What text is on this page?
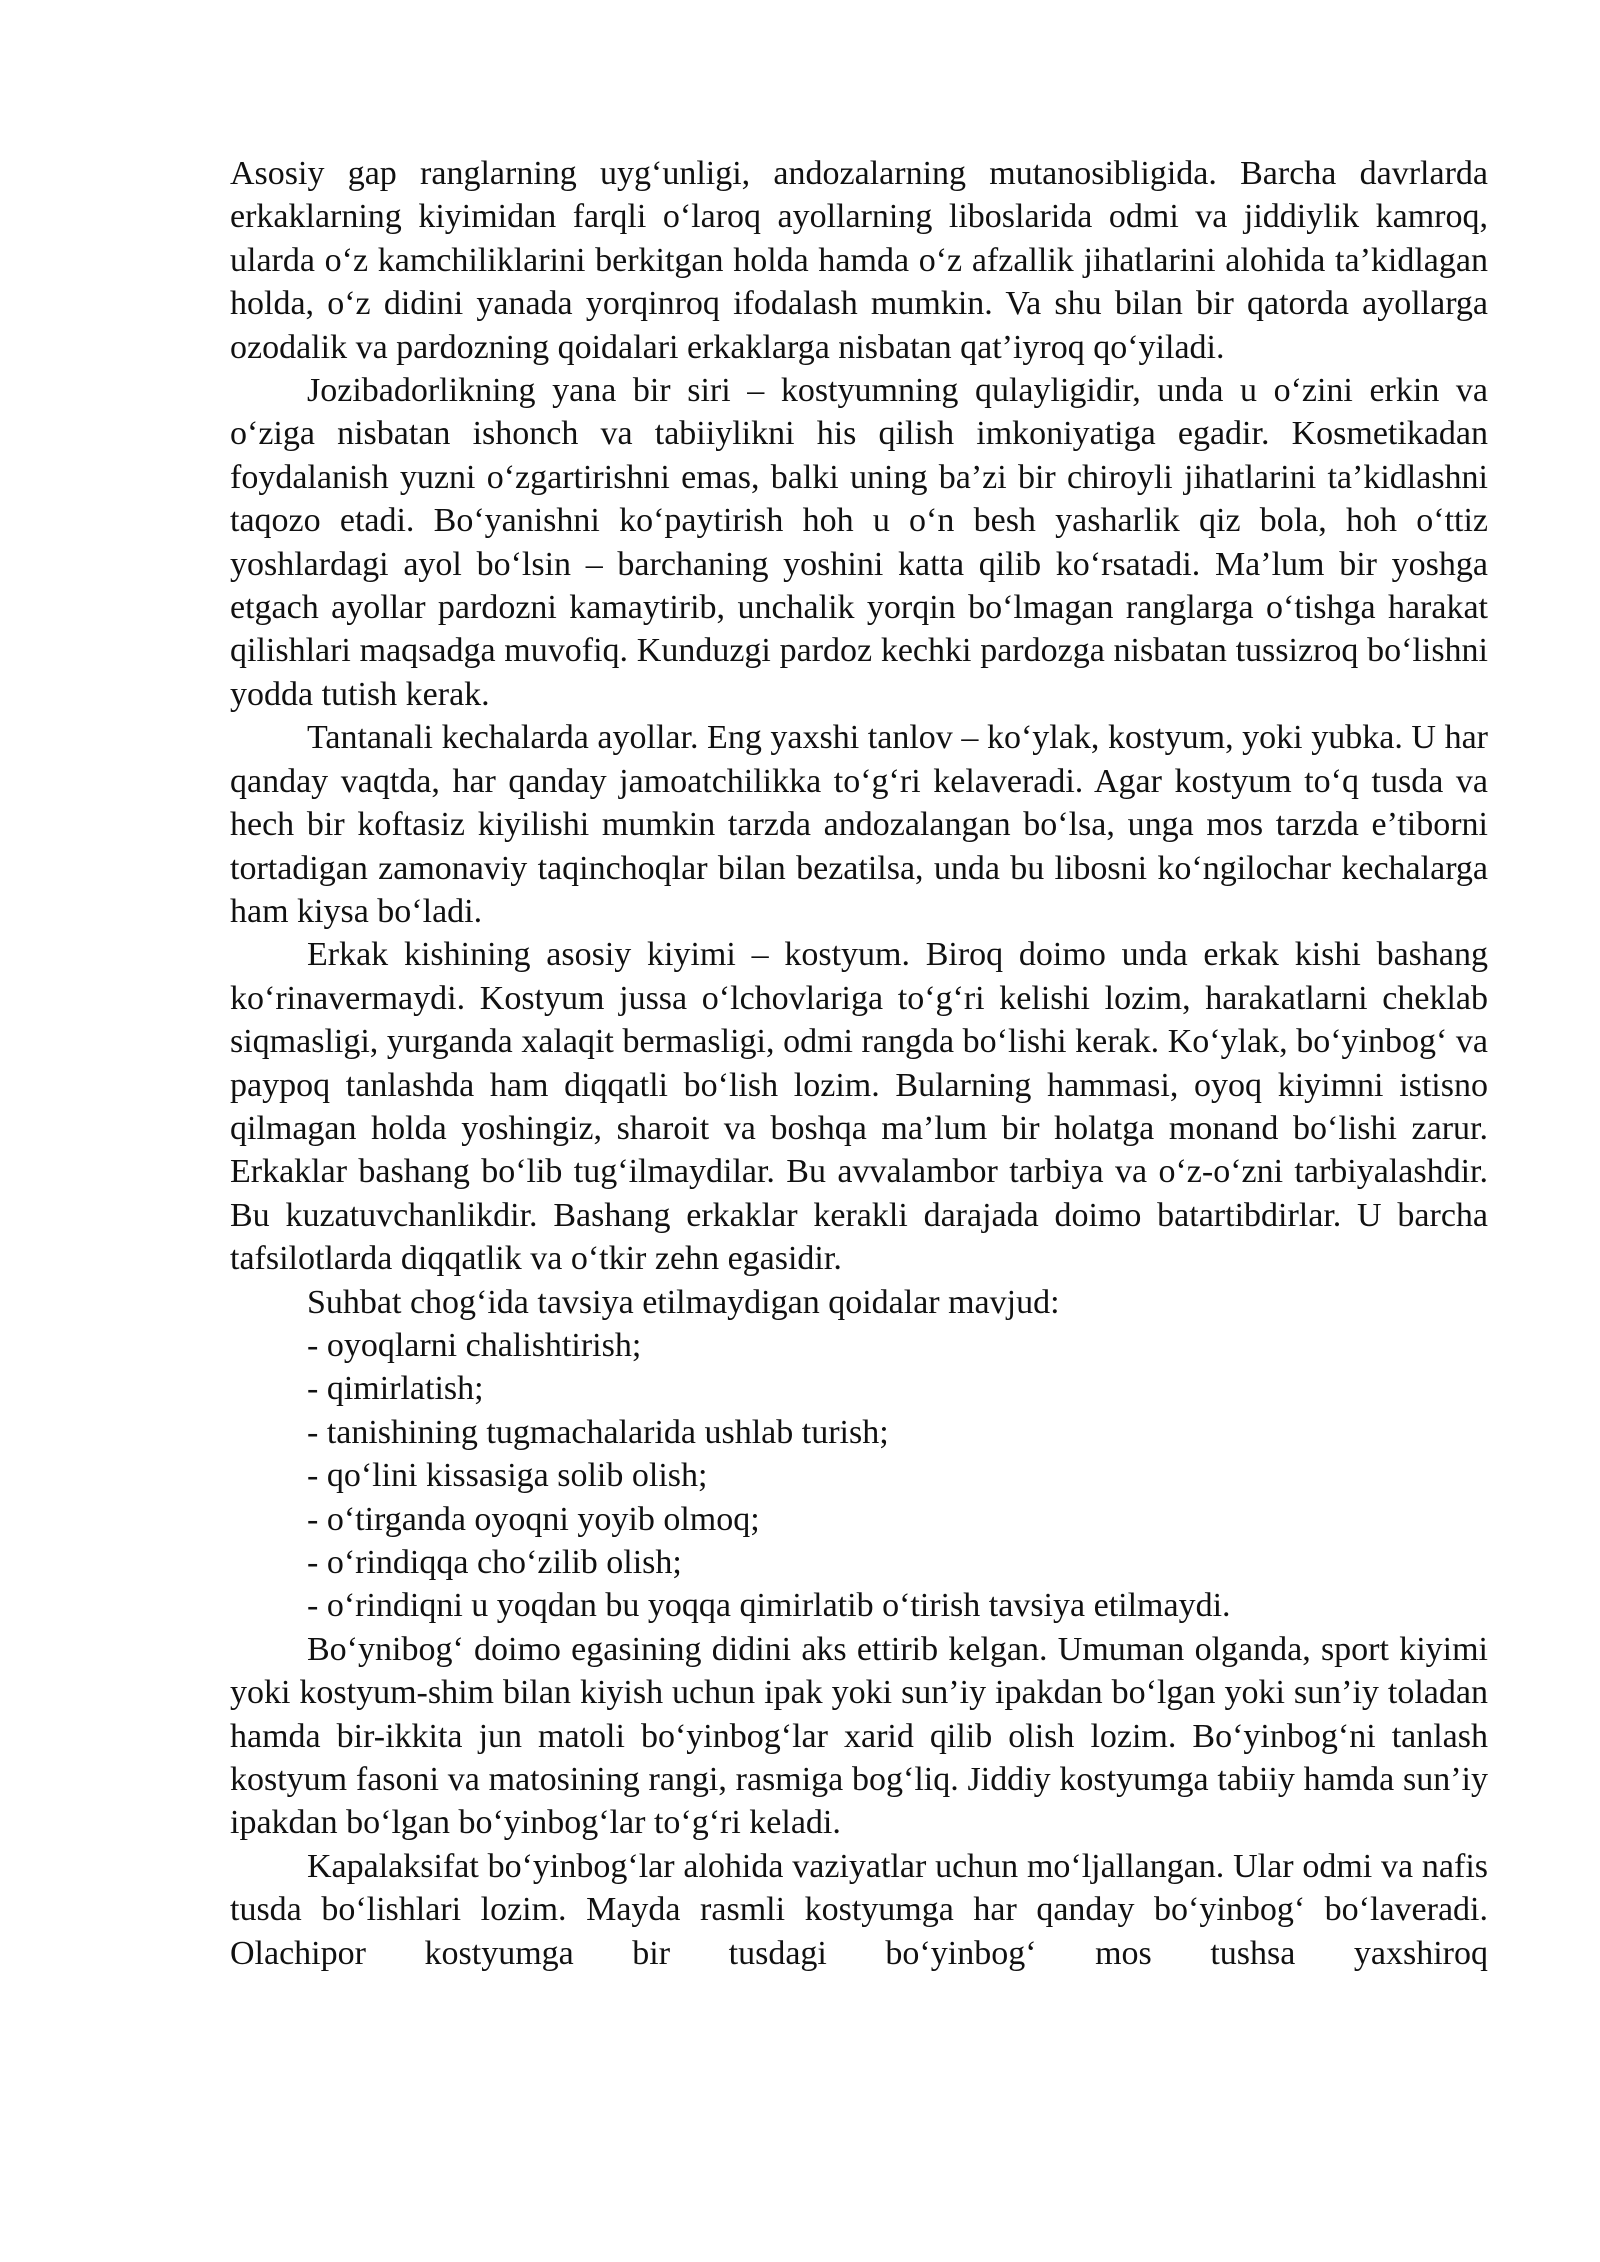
Asosiy gap ranglarning uyg‘unligi, andozalarning mutanosibligida. Barcha davrlarda erkaklarning kiyimidan farqli o‘laroq ayollarning liboslarida odmi va jiddiylik kamroq, ularda o‘z kamchiliklarini berkitgan holda hamda o‘z afzallik jihatlarini alohida ta’kidlagan holda, o‘z didini yanada yorqinroq ifodalash mumkin. Va shu bilan bir qatorda ayollarga ozodalik va pardozning qoidalari erkaklarga nisbatan qat’iyroq qo‘yiladi.

Jozibadorlikning yana bir siri – kostyumning qulayligidir, unda u o‘zini erkin va o‘ziga nisbatan ishonch va tabiiylikni his qilish imkoniyatiga egadir. Kosmetikadan foydalanish yuzni o‘zgartirishni emas, balki uning ba’zi bir chiroyli jihatlarini ta’kidlashni taqozo etadi. Bo‘yanishni ko‘paytirish hoh u o‘n besh yasharlik qiz bola, hoh o‘ttiz yoshlardagi ayol bo‘lsin – barchaning yoshini katta qilib ko‘rsatadi. Ma’lum bir yoshga etgach ayollar pardozni kamaytirib, unchalik yorqin bo‘lmagan ranglarga o‘tishga harakat qilishlari maqsadga muvofiq. Kunduzgi pardoz kechki pardozga nisbatan tussizroq bo‘lishni yodda tutish kerak.

Tantanali kechalarda ayollar. Eng yaxshi tanlov – ko‘ylak, kostyum, yoki yubka. U har qanday vaqtda, har qanday jamoatchilikka to‘g‘ri kelaveradi. Agar kostyum to‘q tusda va hech bir koftasiz kiyilishi mumkin tarzda andozalangan bo‘lsa, unga mos tarzda e’tiborni tortadigan zamonaviy taqinchoqlar bilan bezatilsa, unda bu libosni ko‘ngilochar kechalarga ham kiysa bo‘ladi.

Erkak kishining asosiy kiyimi – kostyum. Biroq doimo unda erkak kishi bashang ko‘rinavermaydi. Kostyum jussa o‘lchovlariga to‘g‘ri kelishi lozim, harakatlarni cheklab siqmasligi, yurganda xalaqit bermasligi, odmi rangda bo‘lishi kerak. Ko‘ylak, bo‘yinbog‘ va paypoq tanlashda ham diqqatli bo‘lish lozim. Bularning hammasi, oyoq kiyimni istisno qilmagan holda yoshingiz, sharoit va boshqa ma’lum bir holatga monand bo‘lishi zarur. Erkaklar bashang bo‘lib tug‘ilmaydilar. Bu avvalambor tarbiya va o‘z-o‘zni tarbiyalashdir. Bu kuzatuvchanlikdir. Bashang erkaklar kerakli darajada doimo batartibdirlar. U barcha tafsilotlarda diqqatlik va o‘tkir zehn egasidir.

Suhbat chog‘ida tavsiya etilmaydigan qoidalar mavjud:

- oyoqlarni chalishtirish;
- qimirlatish;
- tanishining tugmachalarida ushlab turish;
- qo‘lini kissasiga solib olish;
- o‘tirganda oyoqni yoyib olmoq;
- o‘rindiqqa cho‘zilib olish;
- o‘rindiqni u yoqdan bu yoqqa qimirlatib o‘tirish tavsiya etilmaydi.

Bo‘ynibog‘ doimo egasining didini aks ettirib kelgan. Umuman olganda, sport kiyimi yoki kostyum-shim bilan kiyish uchun ipak yoki sun’iy ipakdan bo‘lgan yoki sun’iy toladan hamda bir-ikkita jun matoli bo‘yinbog‘lar xarid qilib olish lozim. Bo‘yinbog‘ni tanlash kostyum fasoni va matosining rangi, rasmiga bog‘liq. Jiddiy kostyumga tabiiy hamda sun’iy ipakdan bo‘lgan bo‘yinbog‘lar to‘g‘ri keladi.

Kapalaksifat bo‘yinbog‘lar alohida vaziyatlar uchun mo‘ljallangan. Ular odmi va nafis tusda bo‘lishlari lozim. Mayda rasmli kostyumga har qanday bo‘yinbog‘ bo‘laveradi. Olachipor kostyumga bir tusdagi bo‘yinbog‘ mos tushsa yaxshiroq
